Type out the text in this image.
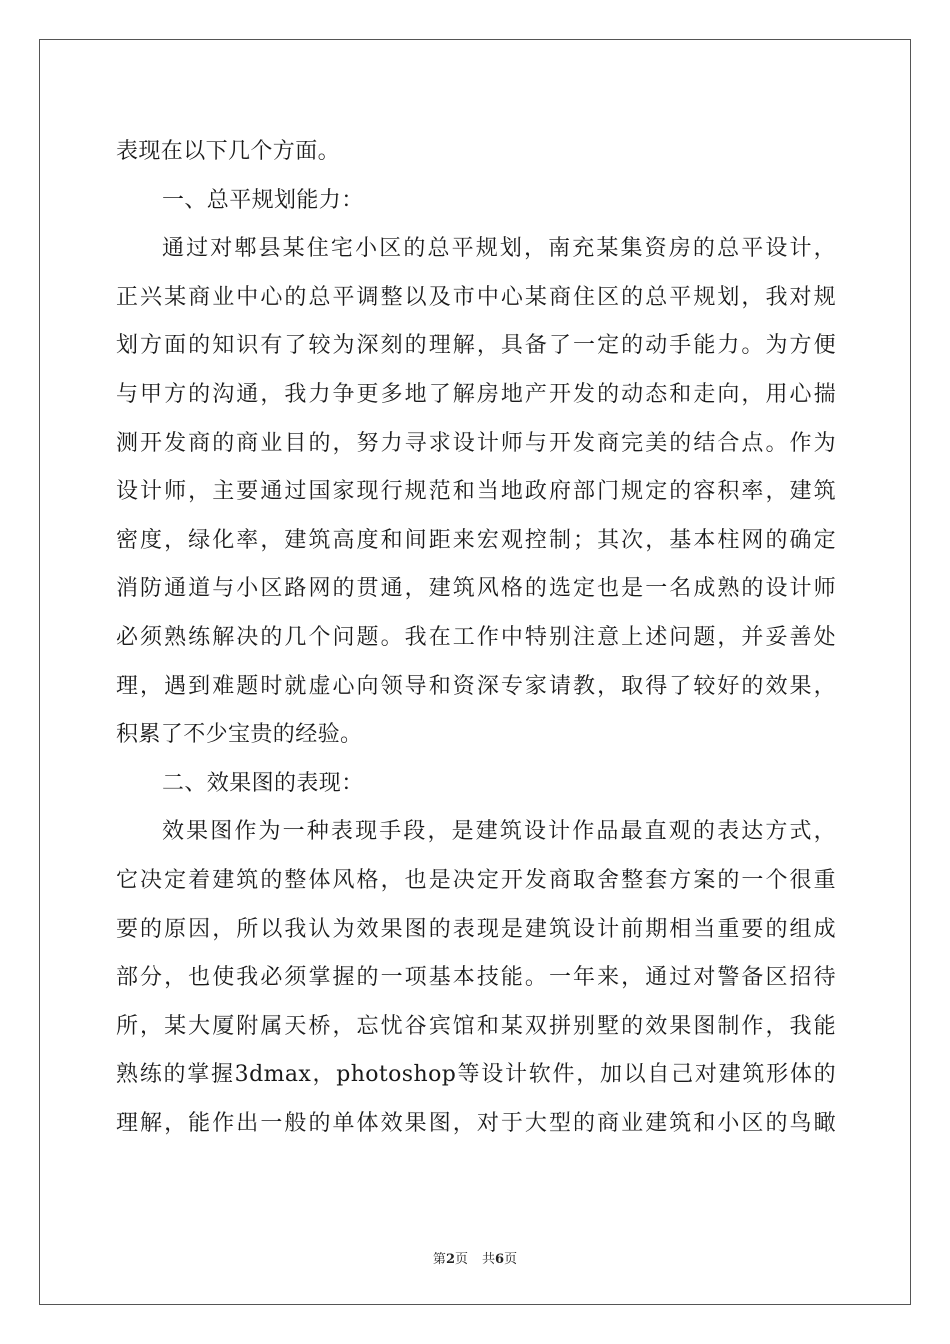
表现在以下几个方面。
一、总平规划能力：
通过对郫县某住宅小区的总平规划，南充某集资房的总平设计，
正兴某商业中心的总平调整以及市中心某商住区的总平规划，我对规
划方面的知识有了较为深刻的理解，具备了一定的动手能力。为方便
与甲方的沟通，我力争更多地了解房地产开发的动态和走向，用心揣
测开发商的商业目的，努力寻求设计师与开发商完美的结合点。作为
设计师，主要通过国家现行规范和当地政府部门规定的容积率，建筑
密度，绿化率，建筑高度和间距来宏观控制；其次，基本柱网的确定
消防通道与小区路网的贯通，建筑风格的选定也是一名成熟的设计师
必须熟练解决的几个问题。我在工作中特别注意上述问题，并妥善处
理，遇到难题时就虚心向领导和资深专家请教，取得了较好的效果，
积累了不少宝贵的经验。
二、效果图的表现：
效果图作为一种表现手段，是建筑设计作品最直观的表达方式，
它决定着建筑的整体风格，也是决定开发商取舍整套方案的一个很重
要的原因，所以我认为效果图的表现是建筑设计前期相当重要的组成
部分，也使我必须掌握的一项基本技能。一年来，通过对警备区招待
所，某大厦附属天桥，忘忧谷宾馆和某双拼别墅的效果图制作，我能
熟练的掌握3dmax，photoshop等设计软件，加以自己对建筑形体的
理解，能作出一般的单体效果图，对于大型的商业建筑和小区的鸟瞰
第2页 共6页
